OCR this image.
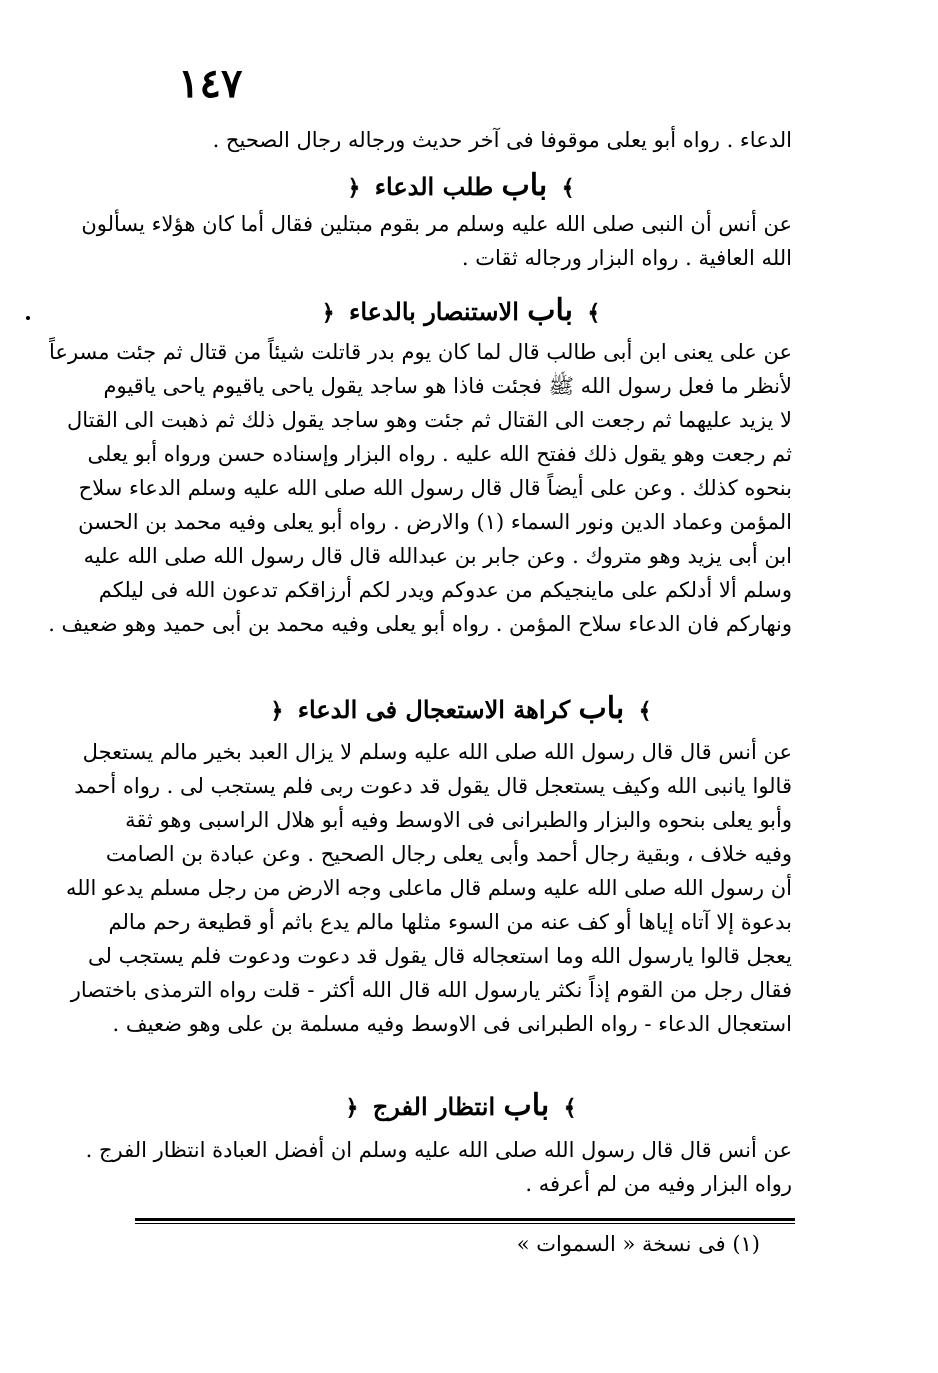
١٤٧
الدعاء . رواه أبو يعلى موقوفا فى آخر حديث ورجاله رجال الصحيح .
﴾ باب طلب الدعاء ﴿
عن أنس أن النبى صلى الله عليه وسلم مر بقوم مبتلين فقال أما كان هؤلاء يسألون
الله العافية . رواه البزار ورجاله ثقات .
﴾ باب الاستنصار بالدعاء ﴿
عن على يعنى ابن أبى طالب قال لما كان يوم بدر قاتلت شيئاً من قتال ثم جئت مسرعاً
لأنظر ما فعل رسول الله ﷺ فجئت فاذا هو ساجد يقول ياحى ياقيوم ياحى ياقيوم
لا يزيد عليهما ثم رجعت الى القتال ثم جئت وهو ساجد يقول ذلك ثم ذهبت الى القتال
ثم رجعت وهو يقول ذلك ففتح الله عليه . رواه البزار وإسناده حسن ورواه أبو يعلى
بنحوه كذلك . وعن على أيضاً قال قال رسول الله صلى الله عليه وسلم الدعاء سلاح
المؤمن وعماد الدين ونور السماء (١) والارض . رواه أبو يعلى وفيه محمد بن الحسن
ابن أبى يزيد وهو متروك . وعن جابر بن عبدالله قال قال رسول الله صلى الله عليه
وسلم ألا أدلكم على ماينجيكم من عدوكم ويدر لكم أرزاقكم تدعون الله فى ليلكم
ونهاركم فان الدعاء سلاح المؤمن . رواه أبو يعلى وفيه محمد بن أبى حميد وهو ضعيف .
﴾ باب كراهة الاستعجال فى الدعاء ﴿
عن أنس قال قال رسول الله صلى الله عليه وسلم لا يزال العبد بخير مالم يستعجل
قالوا يانبى الله وكيف يستعجل قال يقول قد دعوت ربى فلم يستجب لى . رواه أحمد
وأبو يعلى بنحوه والبزار والطبرانى فى الاوسط وفيه أبو هلال الراسبى وهو ثقة
وفيه خلاف ، وبقية رجال أحمد وأبى يعلى رجال الصحيح . وعن عبادة بن الصامت
أن رسول الله صلى الله عليه وسلم قال ماعلى وجه الارض من رجل مسلم يدعو الله
بدعوة إلا آتاه إياها أو كف عنه من السوء مثلها مالم يدع باثم أو قطيعة رحم مالم
يعجل قالوا يارسول الله وما استعجاله قال يقول قد دعوت ودعوت فلم يستجب لى
فقال رجل من القوم إذاً نكثر يارسول الله قال الله أكثر - قلت رواه الترمذى باختصار
استعجال الدعاء - رواه الطبرانى فى الاوسط وفيه مسلمة بن على وهو ضعيف .
﴾ باب انتظار الفرج ﴿
عن أنس قال قال رسول الله صلى الله عليه وسلم ان أفضل العبادة انتظار الفرج .
رواه البزار وفيه من لم أعرفه .
(١) فى نسخة « السموات »
